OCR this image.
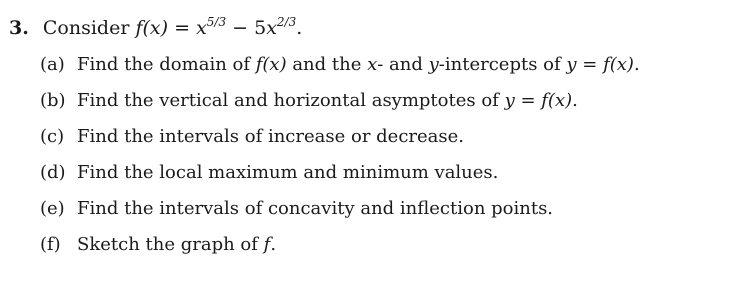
3. Consider $f(x) = x^{5/3} - 5x^{2/3}$.
(a) Find the domain of f(x) and the x- and y-intercepts of y = f(x).
(b) Find the vertical and horizontal asymptotes of y = f(x).
(c) Find the intervals of increase or decrease.
(d) Find the local maximum and minimum values.
(e) Find the intervals of concavity and inflection points.
(f) Sketch the graph of f.
